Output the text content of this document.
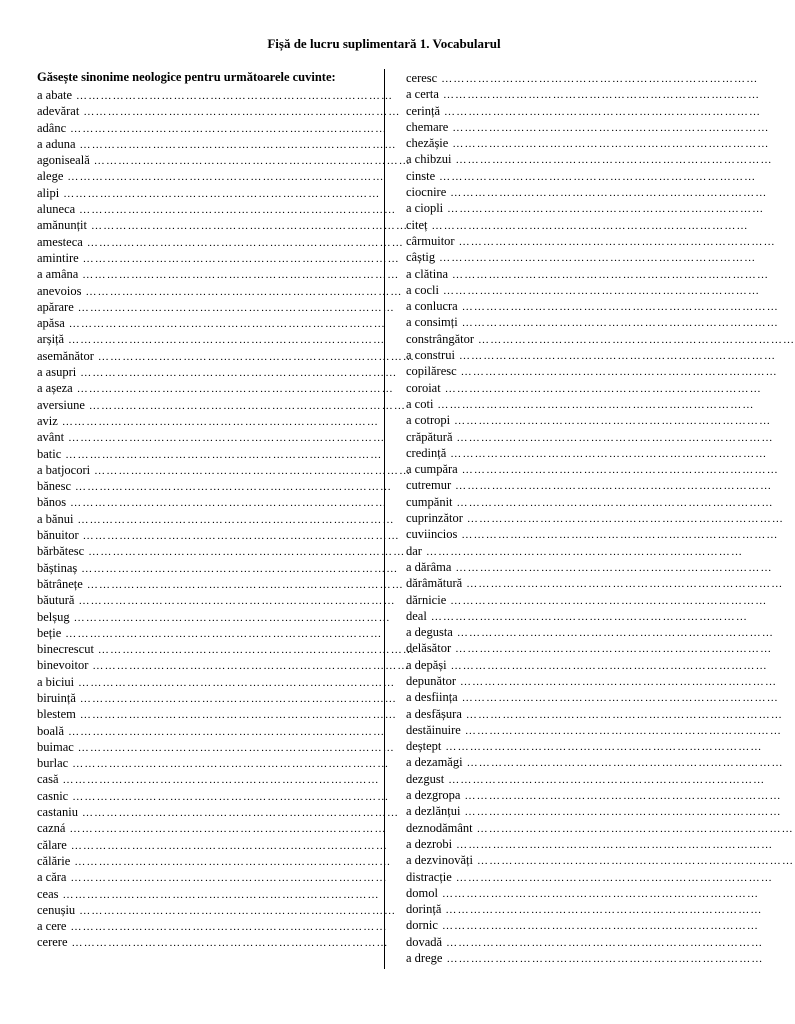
Fișă de lucru suplimentară 1. Vocabularul
Găsește sinonime neologice pentru următoarele cuvinte:
a abate ……………………………………………………………………
adevărat ……………………………………………………………………
adânc ……………………………………………………………………
a aduna ……………………………………………………………………
agoniseală ……………………………………………………………………
alege ……………………………………………………………………
alipi ……………………………………………………………………
aluneca ……………………………………………………………………
amănunțit ……………………………………………………………………
amesteca ……………………………………………………………………
amintire ……………………………………………………………………
a amâna ……………………………………………………………………
anevoios ……………………………………………………………………
apărare ……………………………………………………………………
apăsa ……………………………………………………………………
arșiță ……………………………………………………………………
asemănător ……………………………………………………………………
a asupri ……………………………………………………………………
a așeza ……………………………………………………………………
aversiune ……………………………………………………………………
aviz ……………………………………………………………………
avânt ……………………………………………………………………
batic ……………………………………………………………………
a batjocori ……………………………………………………………………
bănesc ……………………………………………………………………
bănos ……………………………………………………………………
a bănui ……………………………………………………………………
bănuitor ……………………………………………………………………
bărbătesc ……………………………………………………………………
băștinaș ……………………………………………………………………
bătrânețe ……………………………………………………………………
băutură ……………………………………………………………………
belșug ……………………………………………………………………
beție ……………………………………………………………………
binecrescut ……………………………………………………………………
binevoitor ……………………………………………………………………
a biciui ……………………………………………………………………
biruință ……………………………………………………………………
blestem ……………………………………………………………………
boală ……………………………………………………………………
buimac ……………………………………………………………………
burlac ……………………………………………………………………
casă ……………………………………………………………………
casnic ……………………………………………………………………
castaniu ……………………………………………………………………
cazná ……………………………………………………………………
călare ……………………………………………………………………
călărie ……………………………………………………………………
a căra ……………………………………………………………………
ceas ……………………………………………………………………
cenușiu ……………………………………………………………………
a cere ……………………………………………………………………
cerere ……………………………………………………………………
ceresc ……………………………………………………………………
a certa ……………………………………………………………………
cerință ……………………………………………………………………
chemare ……………………………………………………………………
chezășie ……………………………………………………………………
a chibzui ……………………………………………………………………
cinste ……………………………………………………………………
ciocnire ……………………………………………………………………
a ciopli ……………………………………………………………………
citeț ……………………………………………………………………
cârmuitor ……………………………………………………………………
câștig ……………………………………………………………………
a clătina ……………………………………………………………………
a cocli ……………………………………………………………………
a conlucra ……………………………………………………………………
a consimți ……………………………………………………………………
constrângător ……………………………………………………………………
a construi ……………………………………………………………………
copilăresc ……………………………………………………………………
coroiat ……………………………………………………………………
a coti ……………………………………………………………………
a cotropi ……………………………………………………………………
crăpătură ……………………………………………………………………
credință ……………………………………………………………………
a cumpăra ……………………………………………………………………
cutremur ……………………………………………………………………
cumpănit ……………………………………………………………………
cuprinzător ……………………………………………………………………
cuviincios ……………………………………………………………………
dar ……………………………………………………………………
a dărâma ……………………………………………………………………
dărâmătură ……………………………………………………………………
dărnicie ……………………………………………………………………
deal ……………………………………………………………………
a degusta ……………………………………………………………………
delăsător ……………………………………………………………………
a depăși ……………………………………………………………………
depunător ……………………………………………………………………
a desființa ……………………………………………………………………
a desfășura ……………………………………………………………………
destăinuire ……………………………………………………………………
deștept ……………………………………………………………………
a dezamăgi ……………………………………………………………………
dezgust ……………………………………………………………………
a dezgropa ……………………………………………………………………
a dezlănțui ……………………………………………………………………
deznodământ ……………………………………………………………………
a dezrobi ……………………………………………………………………
a dezvinovăți ……………………………………………………………………
distracție ……………………………………………………………………
domol ……………………………………………………………………
dorință ……………………………………………………………………
dornic ……………………………………………………………………
dovadă ……………………………………………………………………
a drege ……………………………………………………………………
